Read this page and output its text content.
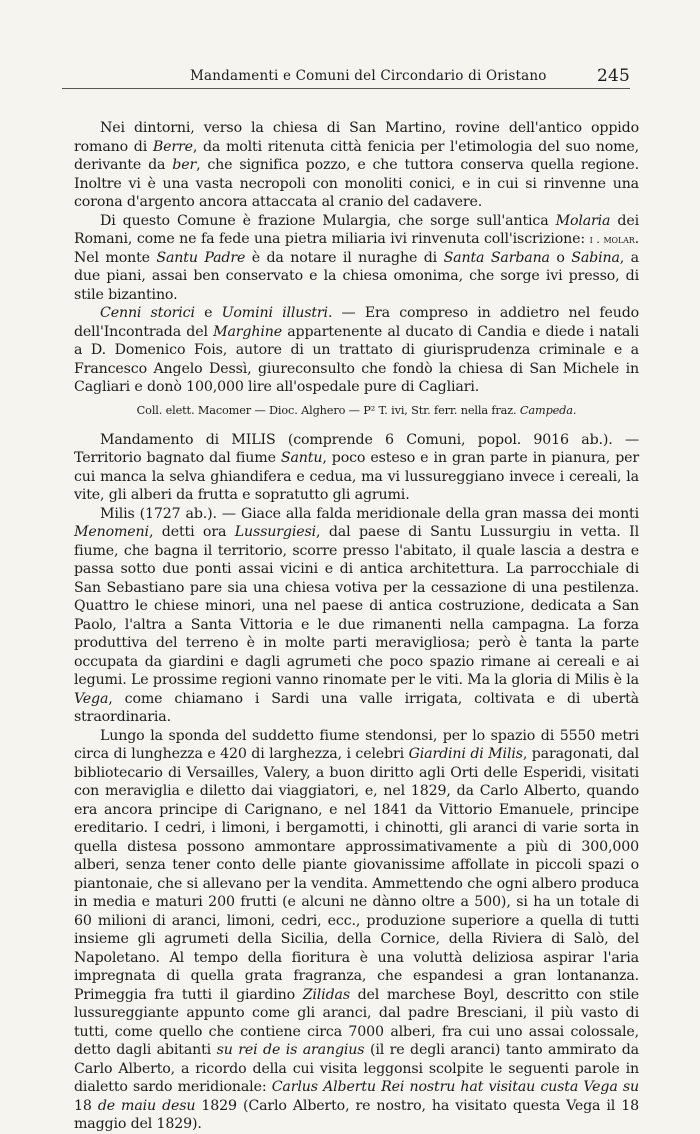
Mandamenti e Comuni del Circondario di Oristano	245

Nei dintorni, verso la chiesa di San Martino, rovine dell'antico oppido romano di Berre, da molti ritenuta città fenicia per l'etimologia del suo nome, derivante da ber, che significa pozzo, e che tuttora conserva quella regione. Inoltre vi è una vasta necropoli con monoliti conici, e in cui si rinvenne una corona d'argento ancora attaccata al cranio del cadavere.

Di questo Comune è frazione Mulargia, che sorge sull'antica Molaria dei Romani, come ne fa fede una pietra miliaria ivi rinvenuta coll'iscrizione: i . molar. Nel monte Santu Padre è da notare il nuraghe di Santa Sarbana o Sabina, a due piani, assai ben conservato e la chiesa omonima, che sorge ivi presso, di stile bizantino.

Cenni storici e Uomini illustri. — Era compreso in addietro nel feudo dell'Incontrada del Marghine appartenente al ducato di Candia e diede i natali a D. Domenico Fois, autore di un trattato di giurisprudenza criminale e a Francesco Angelo Dessì, giureconsulto che fondò la chiesa di San Michele in Cagliari e donò 100,000 lire all'ospedale pure di Cagliari.

Coll. elett. Macomer — Dioc. Alghero — P² T. ivi, Str. ferr. nella fraz. Campeda.

Mandamento di MILIS (comprende 6 Comuni, popol. 9016 ab.). — Territorio bagnato dal fiume Santu, poco esteso e in gran parte in pianura, per cui manca la selva ghiandifera e cedua, ma vi lussureggiano invece i cereali, la vite, gli alberi da frutta e sopratutto gli agrumi.

Milis (1727 ab.). — Giace alla falda meridionale della gran massa dei monti Menomeni, detti ora Lussurgiesi, dal paese di Santu Lussurgiu in vetta. Il fiume, che bagna il territorio, scorre presso l'abitato, il quale lascia a destra e passa sotto due ponti assai vicini e di antica architettura. La parrocchiale di San Sebastiano pare sia una chiesa votiva per la cessazione di una pestilenza. Quattro le chiese minori, una nel paese di antica costruzione, dedicata a San Paolo, l'altra a Santa Vittoria e le due rimanenti nella campagna. La forza produttiva del terreno è in molte parti meravigliosa; però è tanta la parte occupata da giardini e dagli agrumeti che poco spazio rimane ai cereali e ai legumi. Le prossime regioni vanno rinomate per le viti. Ma la gloria di Milis è la Vega, come chiamano i Sardi una valle irrigata, coltivata e di ubertà straordinaria.

Lungo la sponda del suddetto fiume stendonsi, per lo spazio di 5550 metri circa di lunghezza e 420 di larghezza, i celebri Giardini di Milis, paragonati, dal bibliotecario di Versailles, Valery, a buon diritto agli Orti delle Esperidi, visitati con meraviglia e diletto dai viaggiatori, e, nel 1829, da Carlo Alberto, quando era ancora principe di Carignano, e nel 1841 da Vittorio Emanuele, principe ereditario. I cedri, i limoni, i bergamotti, i chinotti, gli aranci di varie sorta in quella distesa possono ammontare approssimativamente a più di 300,000 alberi, senza tener conto delle piante giovanissime affollate in piccoli spazi o piantonaie, che si allevano per la vendita. Ammettendo che ogni albero produca in media e maturi 200 frutti (e alcuni ne dànno oltre a 500), si ha un totale di 60 milioni di aranci, limoni, cedri, ecc., produzione superiore a quella di tutti insieme gli agrumeti della Sicilia, della Cornice, della Riviera di Salò, del Napoletano. Al tempo della fioritura è una voluttà deliziosa aspirar l'aria impregnata di quella grata fragranza, che espandesi a gran lontananza. Primeggia fra tutti il giardino Zilidas del marchese Boyl, descritto con stile lussureggiante appunto come gli aranci, dal padre Bresciani, il più vasto di tutti, come quello che contiene circa 7000 alberi, fra cui uno assai colossale, detto dagli abitanti su rei de is arangius (il re degli aranci) tanto ammirato da Carlo Alberto, a ricordo della cui visita leggonsi scolpite le seguenti parole in dialetto sardo meridionale: Carlus Albertu Rei nostru hat visitau custa Vega su 18 de maiu desu 1829 (Carlo Alberto, re nostro, ha visitato questa Vega il 18 maggio del 1829).
